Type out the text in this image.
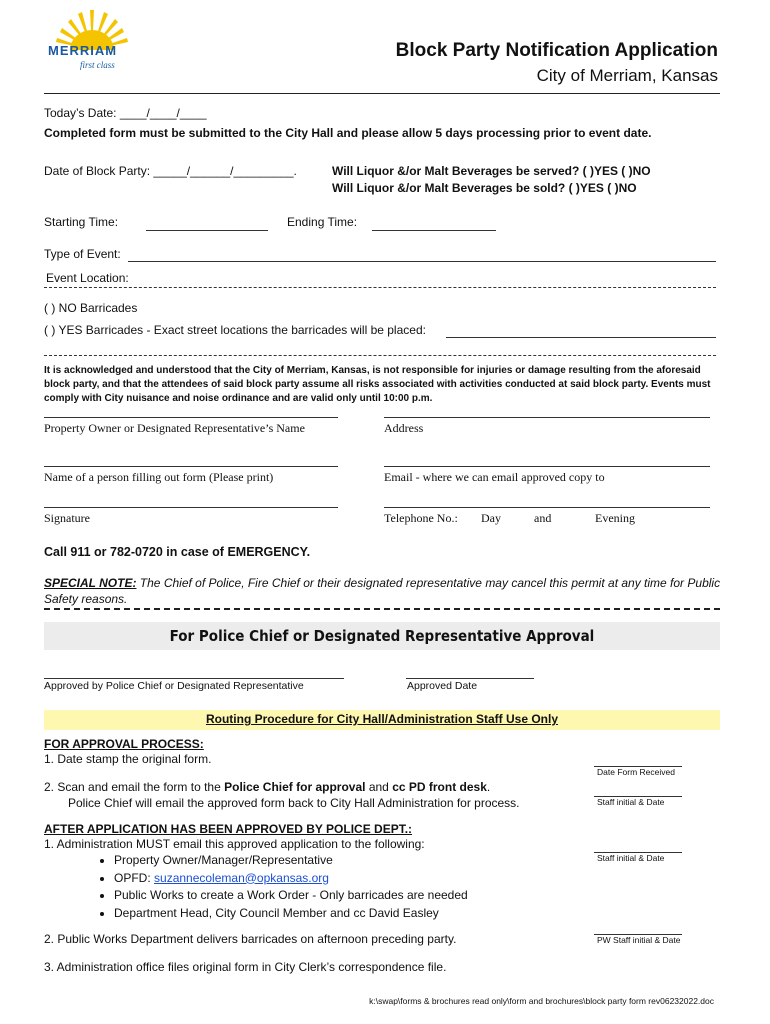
MERRIAM
first class
Block Party Notification Application
City of Merriam, Kansas
Today’s Date: ____/____/____
Completed form must be submitted to the City Hall and please allow 5 days processing prior to event date.
Date of Block Party: _____/______/_________.	Will Liquor &/or Malt Beverages be served? ( )YES ( )NO
Will Liquor &/or Malt Beverages be sold? ( )YES ( )NO
Starting Time:	Ending Time:
Type of Event:
Event Location:
( ) NO Barricades
( ) YES Barricades - Exact street locations the barricades will be placed:
It is acknowledged and understood that the City of Merriam, Kansas, is not responsible for injuries or damage resulting from the aforesaid block party, and that the attendees of said block party assume all risks associated with activities conducted at said block party. Events must comply with City nuisance and noise ordinance and are valid only until 10:00 p.m.
Property Owner or Designated Representative’s Name	Address
Name of a person filling out form (Please print)	Email - where we can email approved copy to
Signature	Telephone No.: Day	and	Evening
Call 911 or 782-0720 in case of EMERGENCY.
SPECIAL NOTE: The Chief of Police, Fire Chief or their designated representative may cancel this permit at any time for Public Safety reasons.
For Police Chief or Designated Representative Approval
Approved by Police Chief or Designated Representative	Approved Date
Routing Procedure for City Hall/Administration Staff Use Only
FOR APPROVAL PROCESS:
1. Date stamp the original form.
Date Form Received
2. Scan and email the form to the Police Chief for approval and cc PD front desk.
Police Chief will email the approved form back to City Hall Administration for process.	Staff initial & Date
AFTER APPLICATION HAS BEEN APPROVED BY POLICE DEPT.:
1. Administration MUST email this approved application to the following:
• Property Owner/Manager/Representative
• OPFD: suzannecoleman@opkansas.org
• Public Works to create a Work Order - Only barricades are needed
• Department Head, City Council Member and cc David Easley
Staff initial & Date
2. Public Works Department delivers barricades on afternoon preceding party.	PW Staff initial & Date
3. Administration office files original form in City Clerk’s correspondence file.
k:\swap\forms & brochures read only\form and brochures\block party form rev06232022.doc
